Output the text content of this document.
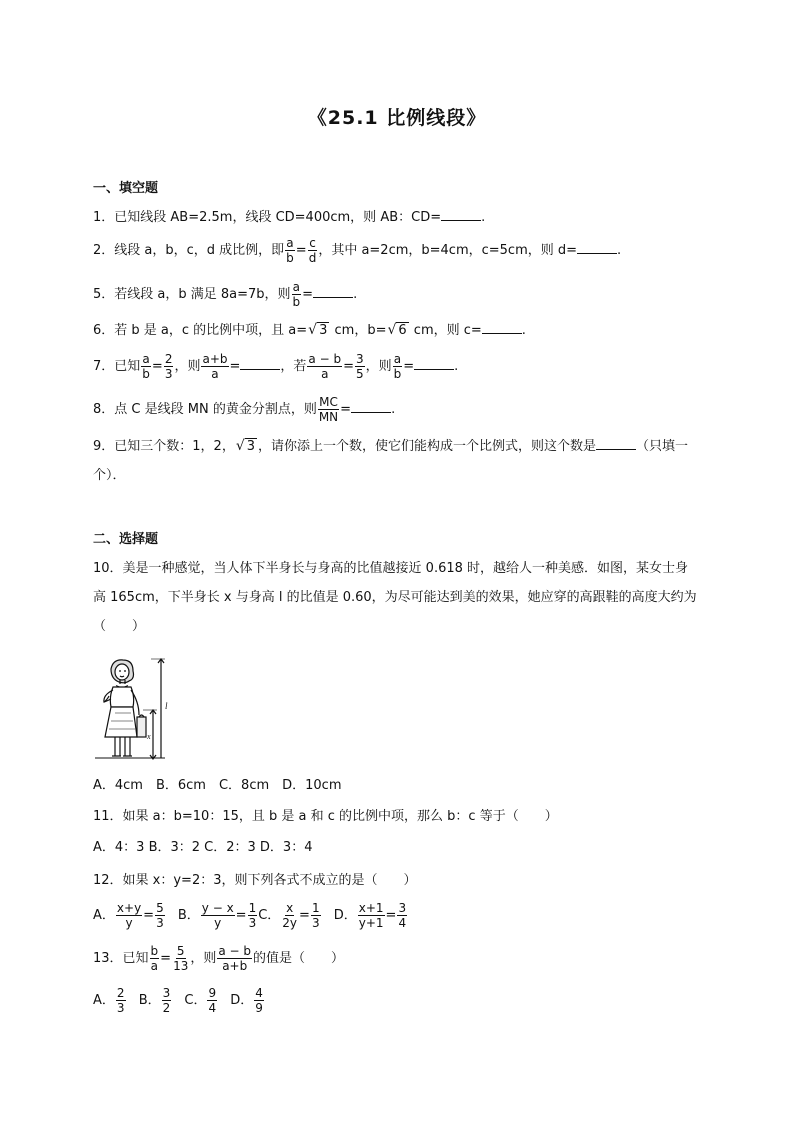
《25.1 比例线段》
一、填空题
1．已知线段 AB=2.5m，线段 CD=400cm，则 AB：CD=	.
2．线段 a，b，c，d 成比例，即 $\frac{a}{b} = \frac{c}{d}$ ，其中 a=2cm，b=4cm，c=5cm，则 d=	.
5．若线段 a，b 满足 8a=7b，则 $\frac{a}{b}$ =	.
6．若 b 是 a，c 的比例中项，且 a=√ 3 cm，b=√ 6 cm，则 c=	.
7．已知 $\frac{a}{b} = \frac{2}{3}$ ，则 $\frac{a+b}{a}$ =	，若 $\frac{a - b}{a} = \frac{3}{5}$ ，则 $\frac{a}{b}$ =	.
8．点 C 是线段 MN 的黄金分割点，则 $\frac{MC}{MN}$ =	.
9．已知三个数：1，2，√ 3 ，请你添上一个数，使它们能构成一个比例式，则这个数是	（只填一个）．
二、选择题
10．美是一种感觉，当人体下半身长与身高的比值越接近 0.618 时，越给人一种美感．如图，某女士身高 165cm，下半身长 x 与身高 l 的比值是 0.60，为尽可能达到美的效果，她应穿的高跟鞋的高度大约为（　　）
l
x
A．4cm　B．6cm　C．8cm　D．10cm
11．如果 a：b=10：15，且 b 是 a 和 c 的比例中项，那么 b：c 等于（　　）
A．4：3 B．3：2 C．2：3 D．3：4
12．如果 x：y=2：3，则下列各式不成立的是（　　）
A． $\frac{x+y}{y} = \frac{5}{3}$ B． $\frac{y - x}{y} = \frac{1}{3}$ C． $\frac{x}{2y} = \frac{1}{3}$ D． $\frac{x+1}{y+1} = \frac{3}{4}$
13．已知 $\frac{b}{a} = \frac{5}{13}$ ，则 $\frac{a - b}{a+b}$ 的值是（　　）
A． $\frac{2}{3}$ B． $\frac{3}{2}$ C． $\frac{9}{4}$ D． $\frac{4}{9}$
